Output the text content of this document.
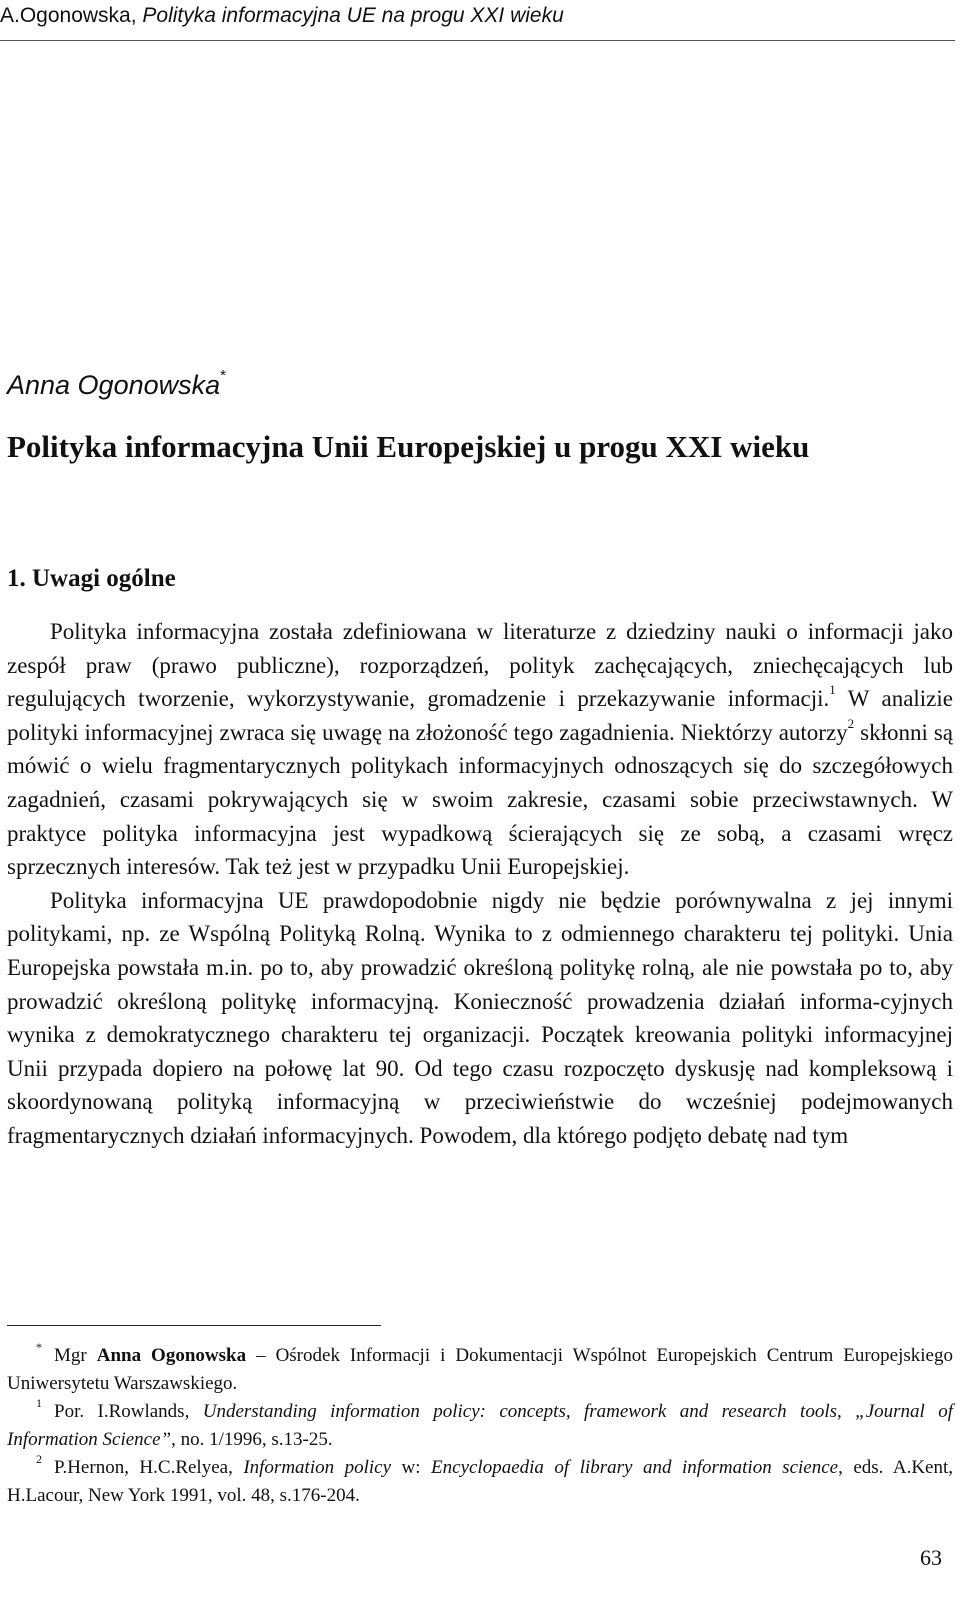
A.Ogonowska, Polityka informacyjna UE na progu XXI wieku
Anna Ogonowska*
Polityka informacyjna Unii Europejskiej u progu XXI wieku
1. Uwagi ogólne

Polityka informacyjna została zdefiniowana w literaturze z dziedziny nauki o informacji jako zespół praw (prawo publiczne), rozporządzeń, polityk zachęcających, zniechęcających lub regulujących tworzenie, wykorzystywanie, gromadzenie i przekazywanie informacji.$^1$ W analizie polityki informacyjnej zwraca się uwagę na złożoność tego zagadnienia. Niektórzy autorzy$^2$ skłonni są mówić o wielu fragmentarycznych politykach informacyjnych odnoszących się do szczegółowych zagadnień, czasami pokrywających się w swoim zakresie, czasami sobie przeciwstawnych. W praktyce polityka informacyjna jest wypadkową ścierających się ze sobą, a czasami wręcz sprzecznych interesów. Tak też jest w przypadku Unii Europejskiej.

Polityka informacyjna UE prawdopodobnie nigdy nie będzie porównywalna z jej innymi politykami, np. ze Wspólną Polityką Rolną. Wynika to z odmiennego charakteru tej polityki. Unia Europejska powstała m.in. po to, aby prowadzić określoną politykę rolną, ale nie powstała po to, aby prowadzić określoną politykę informacyjną. Konieczność prowadzenia działań informa-cyjnych wynika z demokratycznego charakteru tej organizacji. Początek kreowania polityki informacyjnej Unii przypada dopiero na połowę lat 90. Od tego czasu rozpoczęto dyskusję nad kompleksową i skoordynowaną polityką informacyjną w przeciwieństwie do wcześniej podejmowanych fragmentarycznych działań informacyjnych. Powodem, dla którego podjęto debatę nad tym

* Mgr Anna Ogonowska – Ośrodek Informacji i Dokumentacji Wspólnot Europejskich Centrum Europejskiego Uniwersytetu Warszawskiego.

$^1$ Por. I.Rowlands, Understanding information policy: concepts, framework and research tools, „Journal of Information Science”, no. 1/1996, s.13-25.

$^2$ P.Hernon, H.C.Relyea, Information policy w: Encyclopaedia of library and information science, eds. A.Kent, H.Lacour, New York 1991, vol. 48, s.176-204.

63
